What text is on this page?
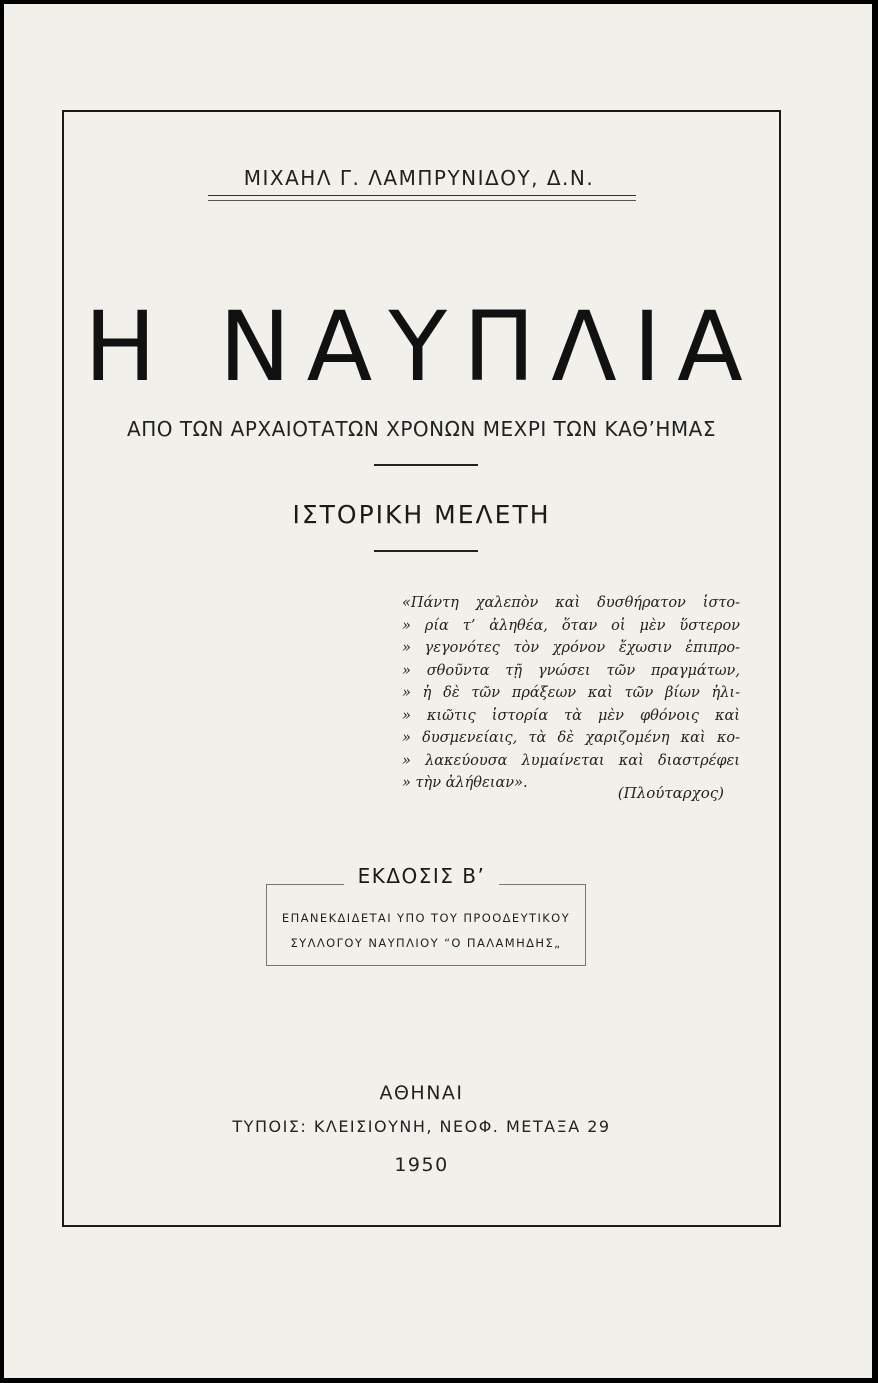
ΜΙΧΑΗΛ Γ. ΛΑΜΠΡΥΝΙΔΟΥ, Δ.Ν.
Η ΝΑΥΠΛΙΑ
ΑΠΟ ΤΩΝ ΑΡΧΑΙΟΤΑΤΩΝ ΧΡΟΝΩΝ ΜΕΧΡΙ ΤΩΝ ΚΑΘ’ΗΜΑΣ
ΙΣΤΟΡΙΚΗ ΜΕΛΕΤΗ
«Πάντη χαλεπὸν καὶ δυσθήρατον ἱστο-
» ρία τ’ ἀληθέα, ὅταν οἱ μὲν ὕστερον
» γεγονότες τὸν χρόνον ἔχωσιν ἐπιπρο-
» σθοῦντα τῇ γνώσει τῶν πραγμάτων,
» ἡ δὲ τῶν πράξεων καὶ τῶν βίων ἡλι-
» κιῶτις ἱστορία τὰ μὲν φθόνοις καὶ
» δυσμενείαις, τὰ δὲ χαριζομένη καὶ κο-
» λακεύουσα λυμαίνεται καὶ διαστρέφει
» τὴν ἀλήθειαν».
(Πλούταρχος)
ΕΚΔΟΣΙΣ Β’
ΕΠΑΝΕΚΔΙΔΕΤΑΙ ΥΠΟ ΤΟΥ ΠΡΟΟΔΕΥΤΙΚΟΥ
ΣΥΛΛΟΓΟΥ ΝΑΥΠΛΙΟΥ “Ο ΠΑΛΑΜΗΔΗΣ„
ΑΘΗΝΑΙ
ΤΥΠΟΙΣ: ΚΛΕΙΣΙΟΥΝΗ, ΝΕΟΦ. ΜΕΤΑΞΑ 29
1950
